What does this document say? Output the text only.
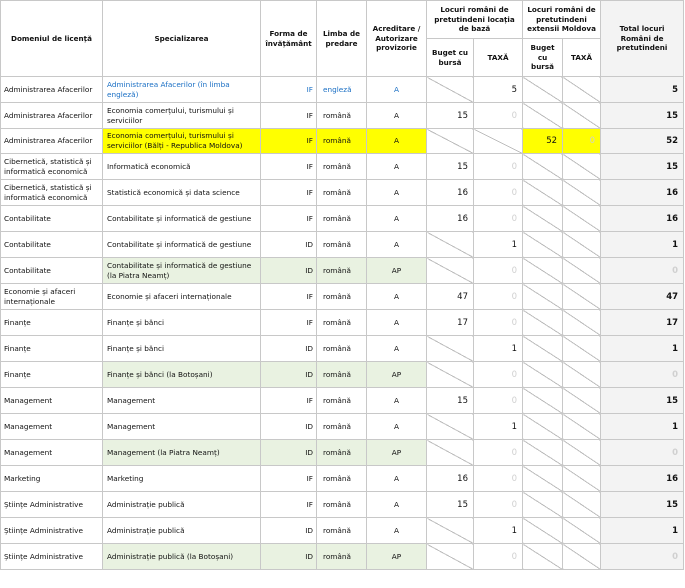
Domeniul de licență	Specializarea	Forma de învățământ	Limba de predare	Acreditare / Autorizare provizorie	Locuri români de pretutindeni locația de bază		Locuri români de pretutindeni extensii Moldova		Total locuri Români de pretutindeni
					Buget cu bursă	TAXĂ	Buget cu bursă	TAXĂ	
Administrarea Afacerilor	Administrarea Afacerilor (în limba engleză)	IF	engleză	A		5			5
Administrarea Afacerilor	Economia comerțului, turismului și serviciilor	IF	română	A	15	0			15
Administrarea Afacerilor	Economia comerțului, turismului și serviciilor (Bălți - Republica Moldova)	IF	română	A			52	0	52
Cibernetică, statistică și informatică economică	Informatică economică	IF	română	A	15	0			15
Cibernetică, statistică și informatică economică	Statistică economică și data science	IF	română	A	16	0			16
Contabilitate	Contabilitate și informatică de gestiune	IF	română	A	16	0			16
Contabilitate	Contabilitate și informatică de gestiune	ID	română	A		1			1
Contabilitate	Contabilitate și informatică de gestiune (la Piatra Neamț)	ID	română	AP		0			0
Economie și afaceri internaționale	Economie și afaceri internaționale	IF	română	A	47	0			47
Finanțe	Finanțe și bănci	IF	română	A	17	0			17
Finanțe	Finanțe și bănci	ID	română	A		1			1
Finanțe	Finanțe și bănci (la Botoșani)	ID	română	AP		0			0
Management	Management	IF	română	A	15	0			15
Management	Management	ID	română	A		1			1
Management	Management (la Piatra Neamț)	ID	română	AP		0			0
Marketing	Marketing	IF	română	A	16	0			16
Științe Administrative	Administrație publică	IF	română	A	15	0			15
Științe Administrative	Administrație publică	ID	română	A		1			1
Științe Administrative	Administrație publică (la Botoșani)	ID	română	AP		0			0
